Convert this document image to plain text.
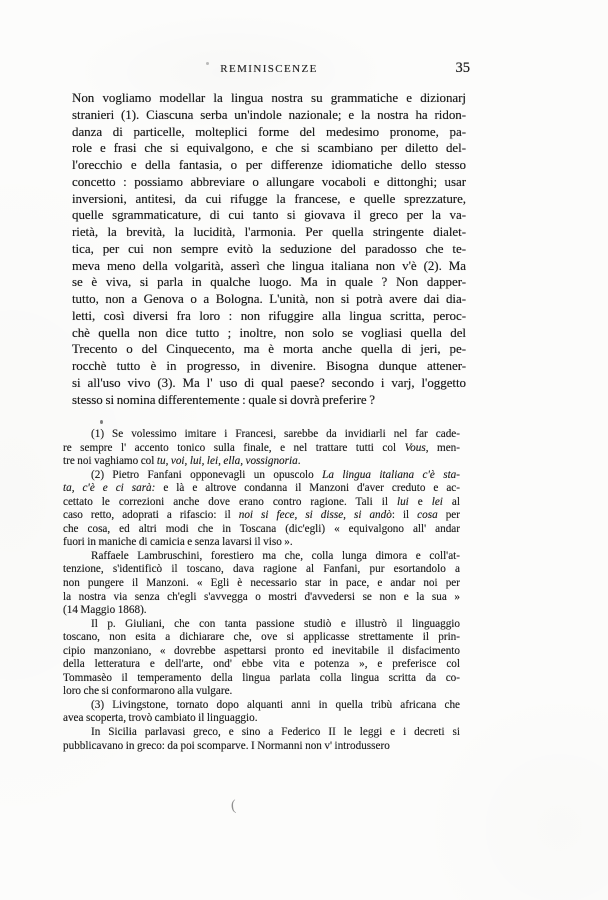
REMINISCENZE	35
Non vogliamo modellar la lingua nostra su grammatiche e dizionarj
stranieri (1). Ciascuna serba un'indole nazionale; e la nostra ha ridon-
danza di particelle, molteplici forme del medesimo pronome, pa-
role e frasi che si equivalgono, e che si scambiano per diletto del-
l'orecchio e della fantasia, o per differenze idiomatiche dello stesso
concetto : possiamo abbreviare o allungare vocaboli e dittonghi; usar
inversioni, antitesi, da cui rifugge la francese, e quelle sprezzature,
quelle sgrammaticature, di cui tanto si giovava il greco per la va-
rietà, la brevità, la lucidità, l'armonia. Per quella stringente dialet-
tica, per cui non sempre evitò la seduzione del paradosso che te-
meva meno della volgarità, asserì che lingua italiana non v'è (2). Ma
se è viva, si parla in qualche luogo. Ma in quale ? Non dapper-
tutto, non a Genova o a Bologna. L'unità, non si potrà avere dai dia-
letti, così diversi fra loro : non rifuggire alla lingua scritta, peroc-
chè quella non dice tutto ; inoltre, non solo se vogliasi quella del
Trecento o del Cinquecento, ma è morta anche quella di jeri, pe-
rocchè tutto è in progresso, in divenire. Bisogna dunque attener-
si all'uso vivo (3). Ma l' uso di qual paese? secondo i varj, l'oggetto
stesso si nomina differentemente : quale si dovrà preferire ?
(1) Se volessimo imitare i Francesi, sarebbe da invidiarli nel far cade-
re sempre l' accento tonico sulla finale, e nel trattare tutti col Vous, men-
tre noi vaghiamo col tu, voi, lui, lei, ella, vossignoria.
(2) Pietro Fanfani opponevagli un opuscolo La lingua italiana c'è sta-
ta, c'è e ci sarà: e là e altrove condanna il Manzoni d'aver creduto e ac-
cettato le correzioni anche dove erano contro ragione. Tali il lui e lei al
caso retto, adoprati a rifascio: il noi si fece, si disse, si andò: il cosa per
che cosa, ed altri modi che in Toscana (dic'egli) « equivalgono all' andar
fuori in maniche di camicia e senza lavarsi il viso ».
Raffaele Lambruschini, forestiero ma che, colla lunga dimora e coll'at-
tenzione, s'identificò il toscano, dava ragione al Fanfani, pur esortandolo a
non pungere il Manzoni. « Egli è necessario star in pace, e andar noi per
la nostra via senza ch'egli s'avvegga o mostri d'avvedersi se non e la sua »
(14 Maggio 1868).
Il p. Giuliani, che con tanta passione studiò e illustrò il linguaggio
toscano, non esita a dichiarare che, ove si applicasse strettamente il prin-
cipio manzoniano, « dovrebbe aspettarsi pronto ed inevitabile il disfacimento
della letteratura e dell'arte, ond' ebbe vita e potenza », e preferisce col
Tommasèo il temperamento della lingua parlata colla lingua scritta da co-
loro che si conformarono alla vulgare.
(3) Livingstone, tornato dopo alquanti anni in quella tribù africana che
avea scoperta, trovò cambiato il linguaggio.
In Sicilia parlavasi greco, e sino a Federico II le leggi e i decreti si
pubblicavano in greco: da poi scomparve. I Normanni non v' introdussero
(
